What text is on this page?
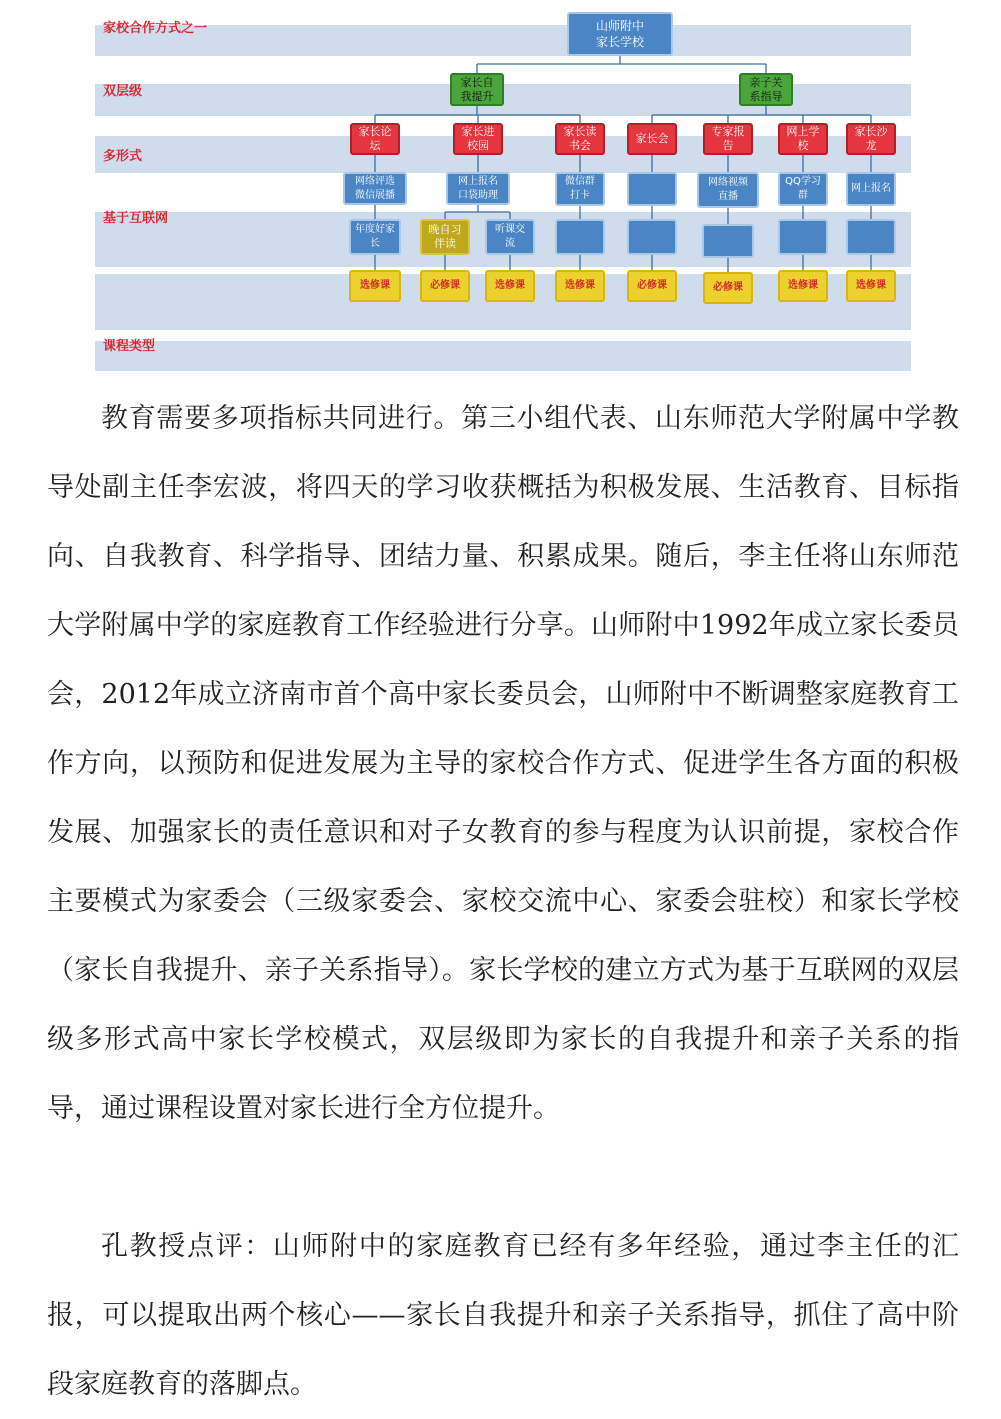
家校合作方式之一
双层级
多形式
基于互联网
课程类型
山师附中
家长学校
家长自
我提升
亲子关
系指导
家长论
坛
家长进
校园
家长读
书会
家长会
专家报
告
网上学
校
家长沙
龙
网络评选
微信展播
网上报名
口袋助理
微信群
打卡
网络视频
直播
QQ学习
群
网上报名
年度好家
长
晚自习
伴读
听课交
流
选修课	必修课	选修课	选修课	必修课	必修课	选修课	选修课

教育需要多项指标共同进行。第三小组代表、山东师范大学附属中学教导处副主任李宏波，将四天的学习收获概括为积极发展、生活教育、目标指向、自我教育、科学指导、团结力量、积累成果。随后，李主任将山东师范大学附属中学的家庭教育工作经验进行分享。山师附中1992年成立家长委员会，2012年成立济南市首个高中家长委员会，山师附中不断调整家庭教育工作方向，以预防和促进发展为主导的家校合作方式、促进学生各方面的积极发展、加强家长的责任意识和对子女教育的参与程度为认识前提，家校合作主要模式为家委会（三级家委会、家校交流中心、家委会驻校）和家长学校（家长自我提升、亲子关系指导）。家长学校的建立方式为基于互联网的双层级多形式高中家长学校模式，双层级即为家长的自我提升和亲子关系的指导，通过课程设置对家长进行全方位提升。

孔教授点评：山师附中的家庭教育已经有多年经验，通过李主任的汇报，可以提取出两个核心——家长自我提升和亲子关系指导，抓住了高中阶段家庭教育的落脚点。
